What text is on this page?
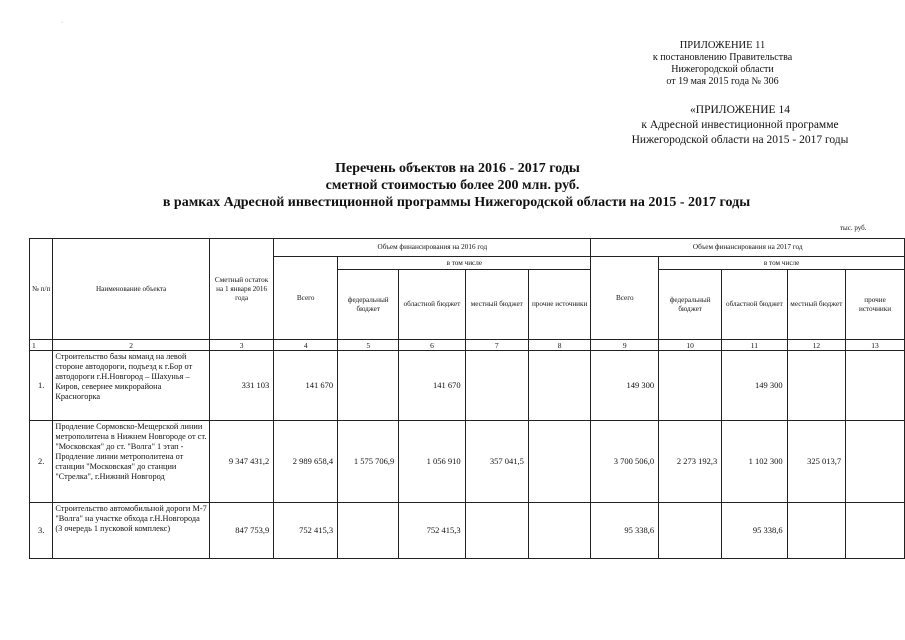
·
ПРИЛОЖЕНИЕ 11
к постановлению Правительства
Нижегородской области
от 19 мая 2015 года № 306
«ПРИЛОЖЕНИЕ 14
к Адресной инвестиционной программе
Нижегородской области на 2015 - 2017 годы
Перечень объектов на 2016 - 2017 годы
сметной стоимостью более 200 млн. руб.
в рамках Адресной инвестиционной программы Нижегородской области на 2015 - 2017 годы
тыс. руб.
№ п/п	Наименование объекта	Сметный остаток на 1 января 2016 года	Объем финансирования на 2016 год					Объем финансирования на 2017 год				
			Всего	в том числе				Всего	в том числе			
				федеральный бюджет	областной бюджет	местный бюджет	прочие источники		федеральный бюджет	областной бюджет	местный бюджет	прочие источники
1	2	3	4	5	6	7	8	9	10	11	12	13
1.	Строительство базы команд на левой стороне автодороги, подъезд к г.Бор от автодороги г.Н.Новгород – Шахунья – Киров, севернее микрорайона Красногорка	331 103	141 670		141 670			149 300		149 300		
2.	Продление Сормовско-Мещерской линии метрополитена в Нижнем Новгороде от ст. "Московская" до ст. "Волга" 1 этап - Продление линии метрополитена от станции "Московская" до станции "Стрелка", г.Нижний Новгород	9 347 431,2	2 989 658,4	1 575 706,9	1 056 910	357 041,5		3 700 506,0	2 273 192,3	1 102 300	325 013,7	
3.	Строительство автомобильной дороги М-7 "Волга" на участке обхода г.Н.Новгорода (3 очередь 1 пусковой комплекс)	847 753,9	752 415,3		752 415,3			95 338,6		95 338,6		
